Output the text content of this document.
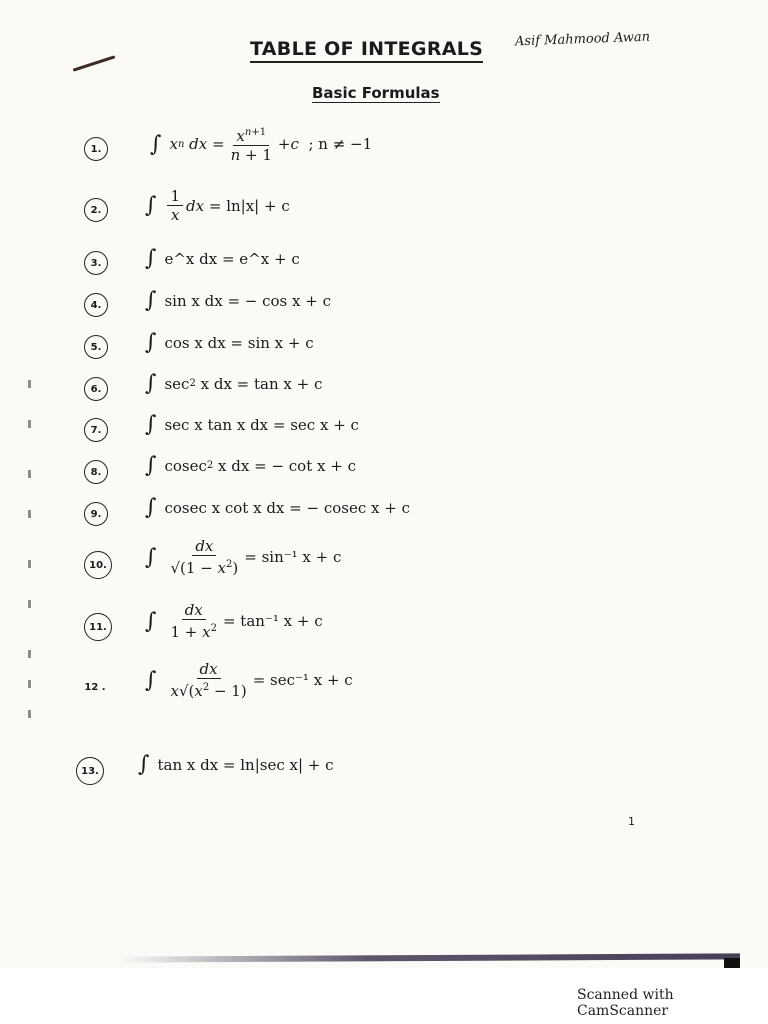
TABLE OF INTEGRALS Asif Mahmood Awan
Basic Formulas
1.	∫ x n
dx = $\frac{x^{n+1}}{n + 1} + c$
; n ≠ −1
2.	∫ $\frac{1}{x}$ dx
= ln|x| + c
3.	∫ e^x dx = e^x + c
4.	∫ sin x dx = − cos x + c
5.	∫ cos x dx = sin x + c
6.	∫ sec 2
x dx = tan x + c
7.	∫ sec x tan x dx = sec x + c
8.	∫ cosec 2
x dx = − cot x + c
9.	∫ cosec x cot x dx = − cosec x + c
10. ∫ $\frac{dx}{√(1 - x^2)} = \sin^{-1}$ x + c
11. ∫ $\frac{dx}{1 + x^2} = \tan^{-1}$ x + c
12 . ∫ $\frac{dx}{x√(x^2 - 1)} = \sec^{-1}$ x + c
13. ∫ tan x dx = ln|sec x| + c
1
Scanned with CamScanner
